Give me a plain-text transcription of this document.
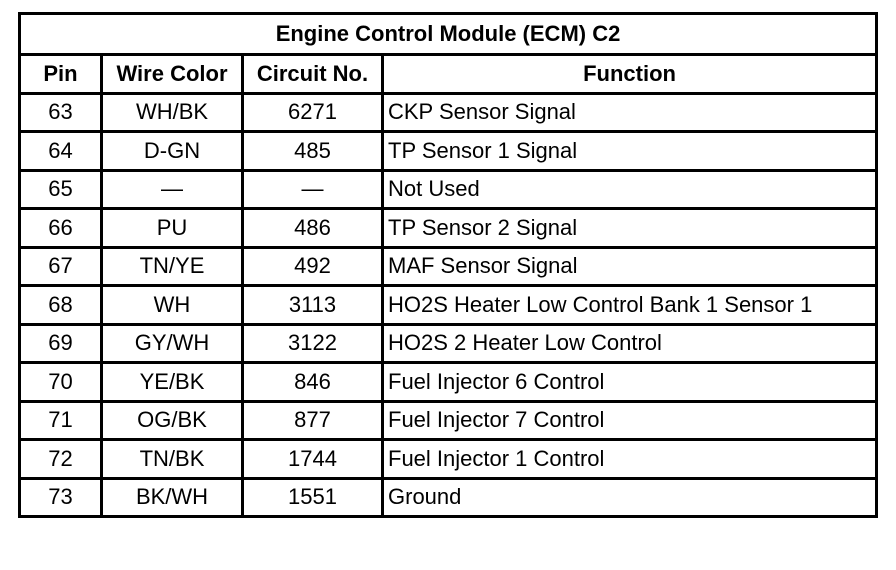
Engine Control Module (ECM) C2			
Pin	Wire Color	Circuit No.	Function
63	WH/BK	6271	CKP Sensor Signal
64	D-GN	485	TP Sensor 1 Signal
65	—	—	Not Used
66	PU	486	TP Sensor 2 Signal
67	TN/YE	492	MAF Sensor Signal
68	WH	3113	HO2S Heater Low Control Bank 1 Sensor 1
69	GY/WH	3122	HO2S 2 Heater Low Control
70	YE/BK	846	Fuel Injector 6 Control
71	OG/BK	877	Fuel Injector 7 Control
72	TN/BK	1744	Fuel Injector 1 Control
73	BK/WH	1551	Ground
